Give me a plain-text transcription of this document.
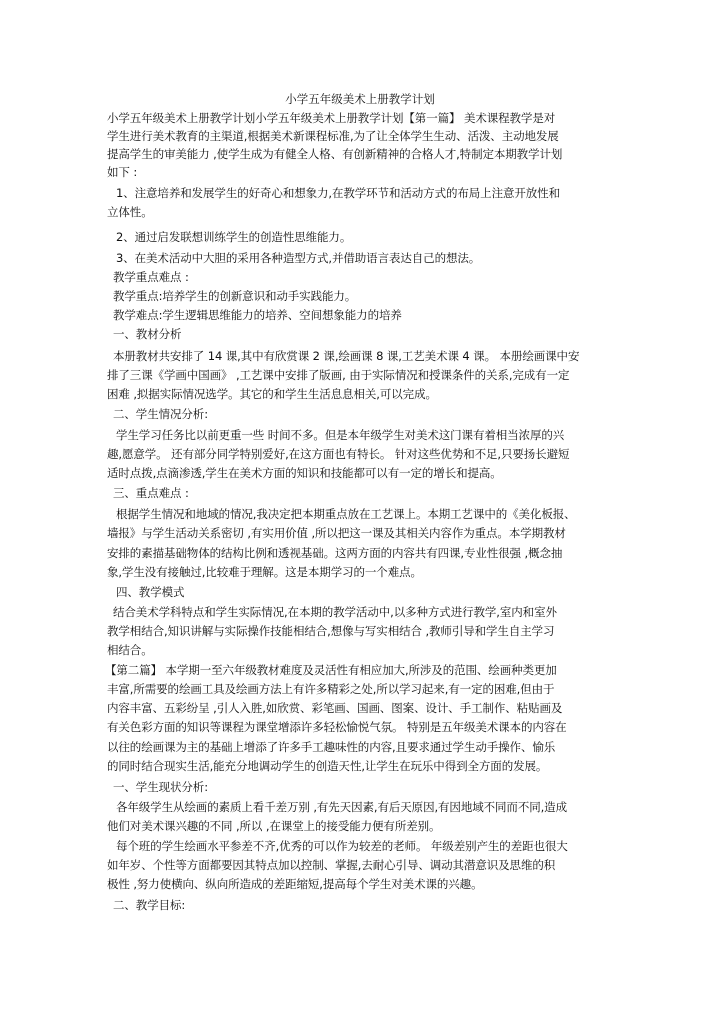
小学五年级美术上册教学计划
小学五年级美术上册教学计划小学五年级美术上册教学计划【第一篇】 美术课程教学是对
学生进行美术教育的主渠道,根据美术新课程标准,为了让全体学生生动、活泼、主动地发展
提高学生的审美能力 ,使学生成为有健全人格、有创新精神的合格人才,特制定本期教学计划
如下 :
1、注意培养和发展学生的好奇心和想象力,在教学环节和活动方式的布局上注意开放性和
立体性。
2、通过启发联想训练学生的创造性思维能力。
3、在美术活动中大胆的采用各种造型方式,并借助语言表达自己的想法。
教学重点难点 :
教学重点:培养学生的创新意识和动手实践能力。
教学难点:学生逻辑思维能力的培养、空间想象能力的培养
一、教材分析
本册教材共安排了 14 课,其中有欣赏课 2 课,绘画课 8 课,工艺美术课 4 课。 本册绘画课中安
排了三课《学画中国画》 ,工艺课中安排了版画, 由于实际情况和授课条件的关系,完成有一定
困难 ,拟据实际情况选学。其它的和学生生活息息相关,可以完成。
二、学生情况分析:
学生学习任务比以前更重一些 时间不多。但是本年级学生对美术这门课有着相当浓厚的兴
趣,愿意学。 还有部分同学特别爱好,在这方面也有特长。 针对这些优势和不足,只要扬长避短
适时点拨,点滴渗透,学生在美术方面的知识和技能都可以有一定的增长和提高。
三、重点难点 :
根据学生情况和地域的情况,我决定把本期重点放在工艺课上。本期工艺课中的《美化板报、
墙报》与学生活动关系密切 ,有实用价值 ,所以把这一课及其相关内容作为重点。本学期教材
安排的素描基础物体的结构比例和透视基础。这两方面的内容共有四课,专业性很强 ,概念抽
象,学生没有接触过,比较难于理解。这是本期学习的一个难点。
四、教学模式
结合美术学科特点和学生实际情况,在本期的教学活动中,以多种方式进行教学,室内和室外
教学相结合,知识讲解与实际操作技能相结合,想像与写实相结合 ,教师引导和学生自主学习
相结合。
【第二篇】 本学期一至六年级教材难度及灵活性有相应加大,所涉及的范围、绘画种类更加
丰富,所需要的绘画工具及绘画方法上有许多精彩之处,所以学习起来,有一定的困难,但由于
内容丰富、五彩纷呈 ,引人入胜,如欣赏、彩笔画、国画、图案、设计、手工制作、粘贴画及
有关色彩方面的知识等课程为课堂增添许多轻松愉悦气氛。 特别是五年级美术课本的内容在
以往的绘画课为主的基础上增添了许多手工趣味性的内容,且要求通过学生动手操作、愉乐
的同时结合现实生活,能充分地调动学生的创造天性,让学生在玩乐中得到全方面的发展。
一、学生现状分析:
各年级学生从绘画的素质上看千差万别 ,有先天因素,有后天原因,有因地域不同而不同,造成
他们对美术课兴趣的不同 ,所以 ,在课堂上的接受能力便有所差别。
每个班的学生绘画水平参差不齐,优秀的可以作为较差的老师。 年级差别产生的差距也很大
如年岁、个性等方面都要因其特点加以控制、掌握,去耐心引导、调动其潜意识及思维的积
极性 ,努力使横向、纵向所造成的差距缩短,提高每个学生对美术课的兴趣。
二、教学目标:
